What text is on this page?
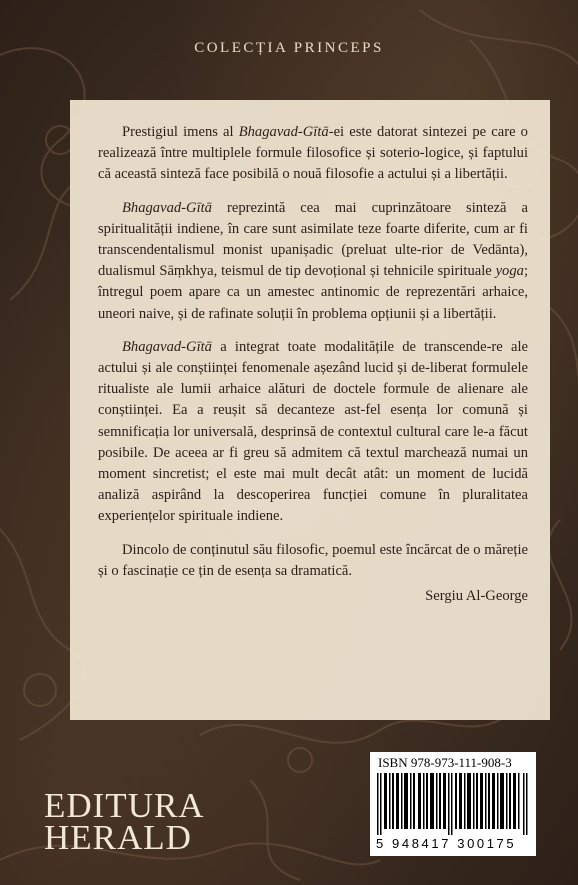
COLECȚIA PRINCEPS

Prestigiul imens al Bhagavad-Gītā-ei este datorat sintezei pe care o realizează între multiplele formule filosofice și soterio-logice, și faptului că această sinteză face posibilă o nouă filosofie a actului și a libertății.

Bhagavad-Gītā reprezintă cea mai cuprinzătoare sinteză a spiritualității indiene, în care sunt asimilate teze foarte diferite, cum ar fi transcendentalismul monist upanișadic (preluat ulte-rior de Vedānta), dualismul Sāṃkhya, teismul de tip devoțional și tehnicile spirituale yoga; întregul poem apare ca un amestec antinomic de reprezentări arhaice, uneori naive, și de rafinate soluții în problema opțiunii și a libertății.

Bhagavad-Gītā a integrat toate modalitățile de transcende-re ale actului și ale conștiinței fenomenale așezând lucid și de-liberat formulele ritualiste ale lumii arhaice alături de doctele formule de alienare ale conștiinței. Ea a reușit să decanteze ast-fel esența lor comună și semnificația lor universală, desprinsă de contextul cultural care le-a făcut posibile. De aceea ar fi greu să admitem că textul marchează numai un moment sincretist; el este mai mult decât atât: un moment de lucidă analiză aspirând la descoperirea funcției comune în pluralitatea experiențelor spirituale indiene.

Dincolo de conținutul său filosofic, poemul este încărcat de o măreție și o fascinație ce țin de esența sa dramatică.

Sergiu Al-George

EDITURA
HERALD
ISBN 978-973-111-908-3
5 948417 300175
